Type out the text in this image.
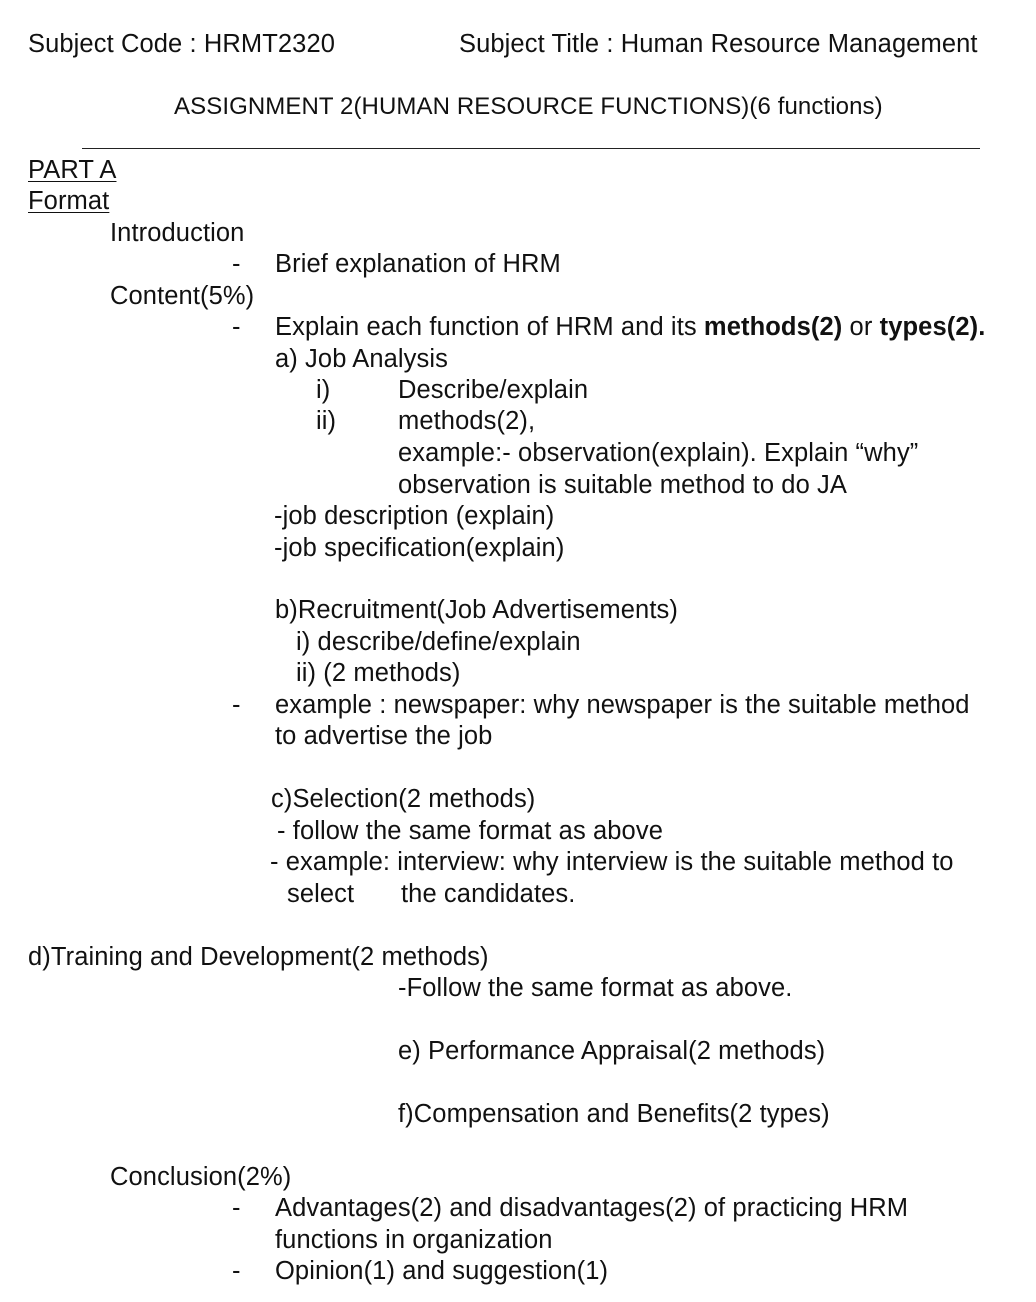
Subject Code : HRMT2320	Subject Title : Human Resource Management
ASSIGNMENT 2(HUMAN RESOURCE FUNCTIONS)(6 functions)
PART A
Format
Introduction
- Brief explanation of HRM
Content(5%)
- Explain each function of HRM and its methods(2) or types(2).
a) Job Analysis
i)	Describe/explain
ii) methods(2),
example:- observation(explain). Explain “why”
observation is suitable method to do JA
-job description (explain)
-job specification(explain)
b)Recruitment(Job Advertisements)
i) describe/define/explain
ii) (2 methods)
- example : newspaper: why newspaper is the suitable method
to advertise the job
c)Selection(2 methods)
- follow the same format as above
- example: interview: why interview is the suitable method to
select the candidates.
d)Training and Development(2 methods)
-Follow the same format as above.
e) Performance Appraisal(2 methods)
f)Compensation and Benefits(2 types)
Conclusion(2%)
- Advantages(2) and disadvantages(2) of practicing HRM
functions in organization
- Opinion(1) and suggestion(1)
